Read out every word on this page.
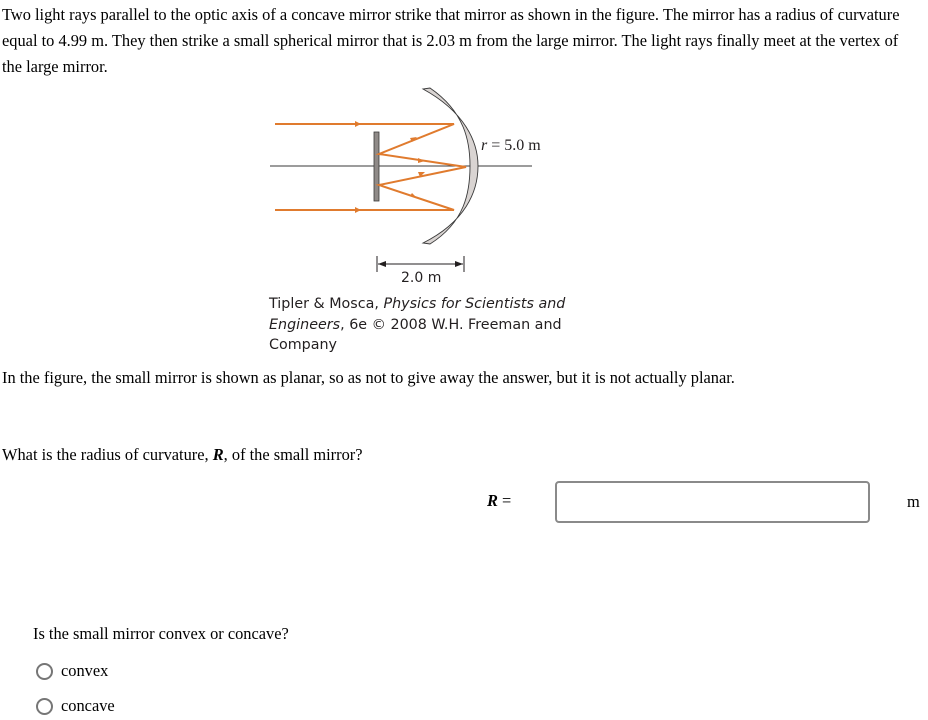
Two light rays parallel to the optic axis of a concave mirror strike that mirror as shown in the figure. The mirror has a radius of curvature equal to 4.99 m. They then strike a small spherical mirror that is 2.03 m from the large mirror. The light rays finally meet at the vertex of the large mirror.

r = 5.0 m
2.0 m
Tipler & Mosca, Physics for Scientists and
Engineers, 6e © 2008 W.H. Freeman and
Company

In the figure, the small mirror is shown as planar, so as not to give away the answer, but it is not actually planar.

What is the radius of curvature, R, of the small mirror?

R =	m

Is the small mirror convex or concave?

convex
concave
